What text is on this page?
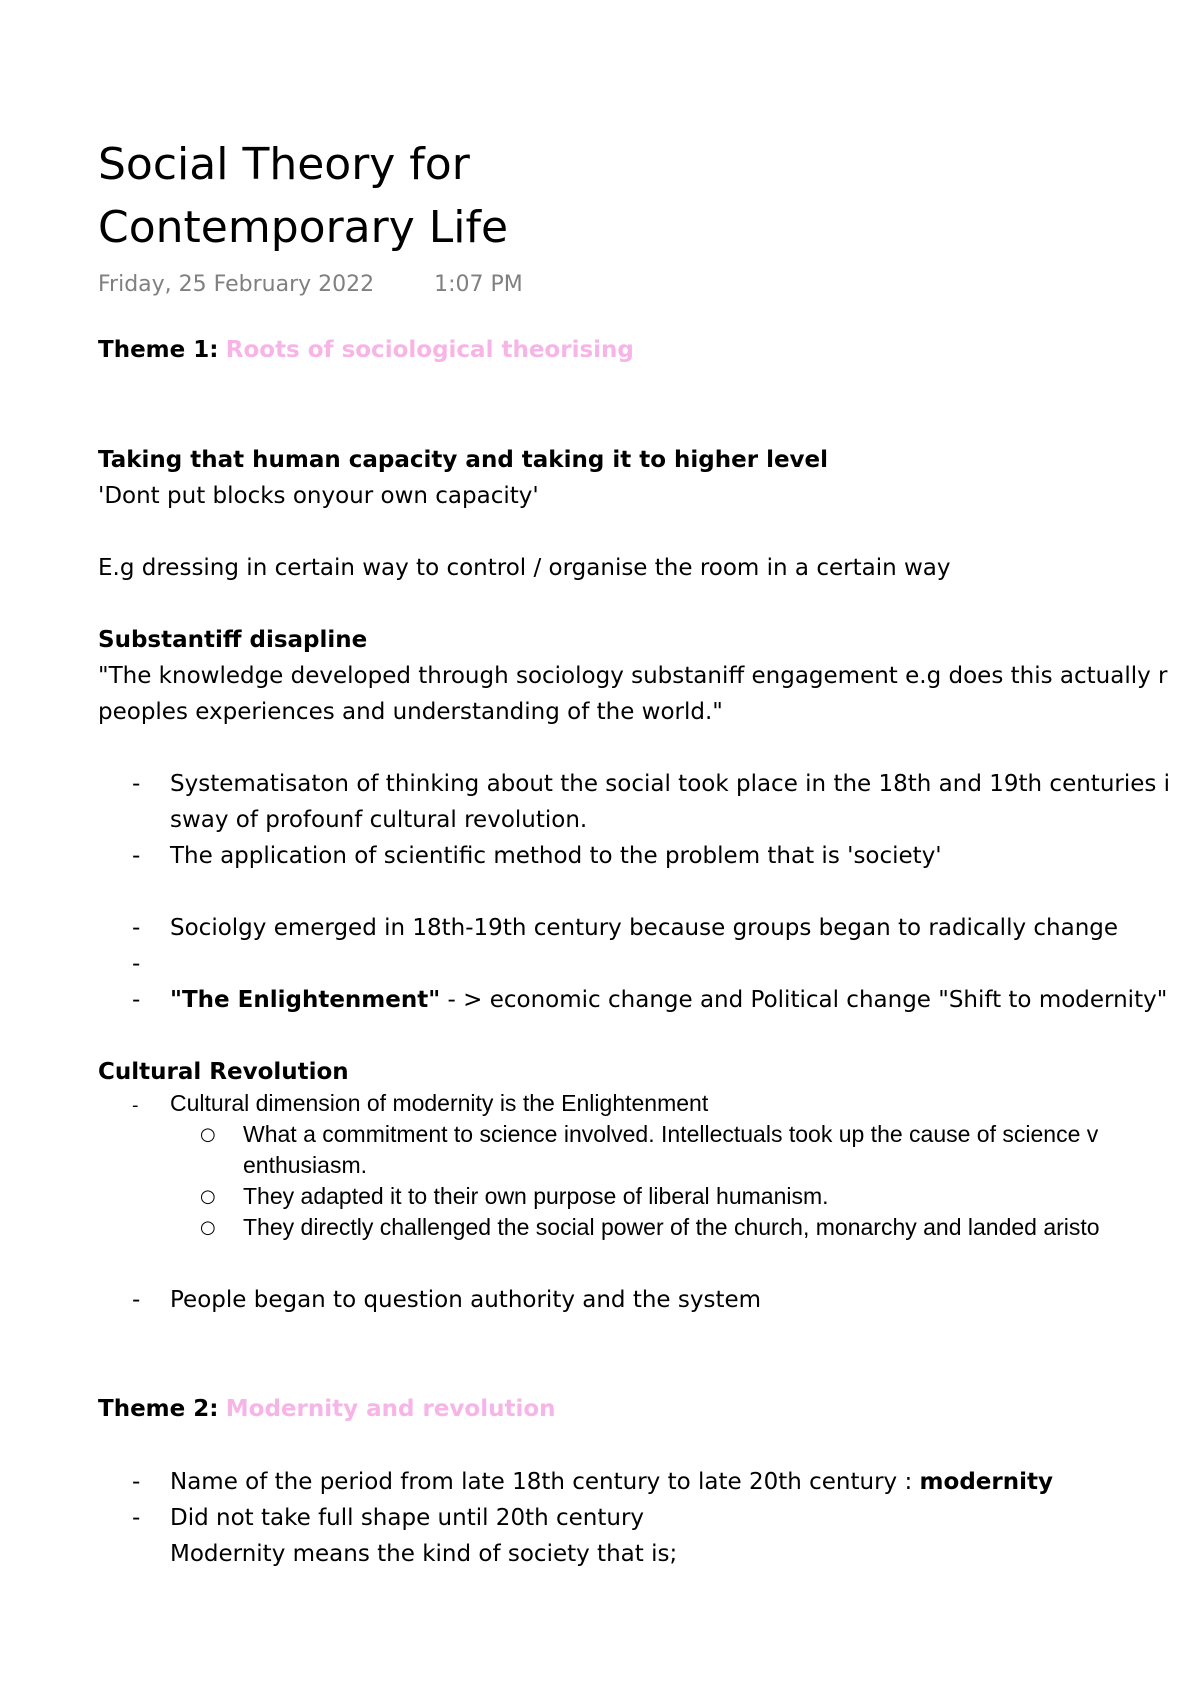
Social Theory for
Contemporary Life
Friday, 25 February 2022	1:07 PM
Theme 1: Roots of sociological theorising
Taking that human capacity and taking it to higher level
'Dont put blocks onyour own capacity'
E.g dressing in certain way to control / organise the room in a certain way
Substantiff disapline
"The knowledge developed through sociology substaniff engagement e.g does this actually r
peoples experiences and understanding of the world."
- Systematisaton of thinking about the social took place in the 18th and 19th centuries i
sway of profounf cultural revolution.
- The application of scientific method to the problem that is 'society'
- Sociolgy emerged in 18th-19th century because groups began to radically change
-
- "The Enlightenment" - > economic change and Political change "Shift to modernity"
Cultural Revolution
- Cultural dimension of modernity is the Enlightenment
○ What a commitment to science involved. Intellectuals took up the cause of science v
enthusiasm.
○ They adapted it to their own purpose of liberal humanism.
○ They directly challenged the social power of the church, monarchy and landed aristo
- People began to question authority and the system
Theme 2: Modernity and revolution
- Name of the period from late 18th century to late 20th century : modernity
- Did not take full shape until 20th century
Modernity means the kind of society that is;
